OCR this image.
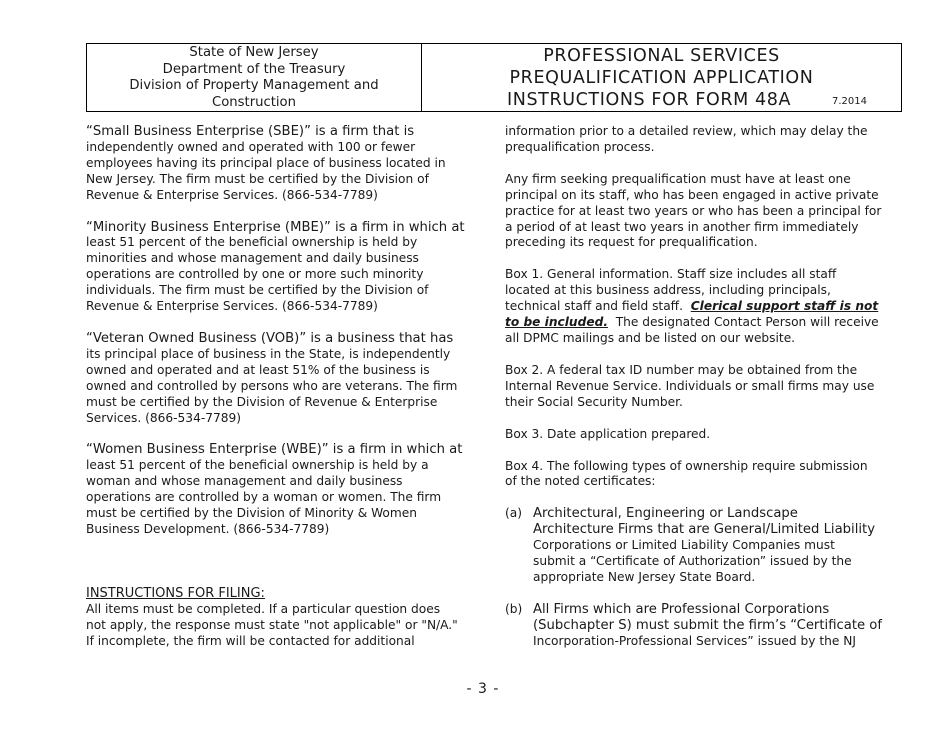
State of New Jersey
Department of the Treasury
Division of Property Management and
Construction
PROFESSIONAL SERVICES
PREQUALIFICATION APPLICATION
INSTRUCTIONS FOR FORM 48A	7.2014
“Small Business Enterprise (SBE)” is a firm that is
independently owned and operated with 100 or fewer
employees having its principal place of business located in
New Jersey. The firm must be certified by the Division of
Revenue & Enterprise Services. (866-534-7789)
“Minority Business Enterprise (MBE)” is a firm in which at
least 51 percent of the beneficial ownership is held by
minorities and whose management and daily business
operations are controlled by one or more such minority
individuals. The firm must be certified by the Division of
Revenue & Enterprise Services. (866-534-7789)
“Veteran Owned Business (VOB)” is a business that has
its principal place of business in the State, is independently
owned and operated and at least 51% of the business is
owned and controlled by persons who are veterans. The firm
must be certified by the Division of Revenue & Enterprise
Services. (866-534-7789)
“Women Business Enterprise (WBE)” is a firm in which at
least 51 percent of the beneficial ownership is held by a
woman and whose management and daily business
operations are controlled by a woman or women. The firm
must be certified by the Division of Minority & Women
Business Development. (866-534-7789)
INSTRUCTIONS FOR FILING:
All items must be completed. If a particular question does
not apply, the response must state "not applicable" or "N/A."
If incomplete, the firm will be contacted for additional
information prior to a detailed review, which may delay the
prequalification process.
Any firm seeking prequalification must have at least one
principal on its staff, who has been engaged in active private
practice for at least two years or who has been a principal for
a period of at least two years in another firm immediately
preceding its request for prequalification.
Box 1. General information. Staff size includes all staff
located at this business address, including principals,
technical staff and field staff.  Clerical support staff is not
to be included.  The designated Contact Person will receive
all DPMC mailings and be listed on our website.
Box 2. A federal tax ID number may be obtained from the
Internal Revenue Service. Individuals or small firms may use
their Social Security Number.
Box 3. Date application prepared.
Box 4. The following types of ownership require submission
of the noted certificates:
(a) Architectural, Engineering or Landscape
Architecture Firms that are General/Limited Liability
Corporations or Limited Liability Companies must
submit a “Certificate of Authorization” issued by the
appropriate New Jersey State Board.
(b) All Firms which are Professional Corporations
(Subchapter S) must submit the firm’s “Certificate of
Incorporation-Professional Services” issued by the NJ
- 3 -
